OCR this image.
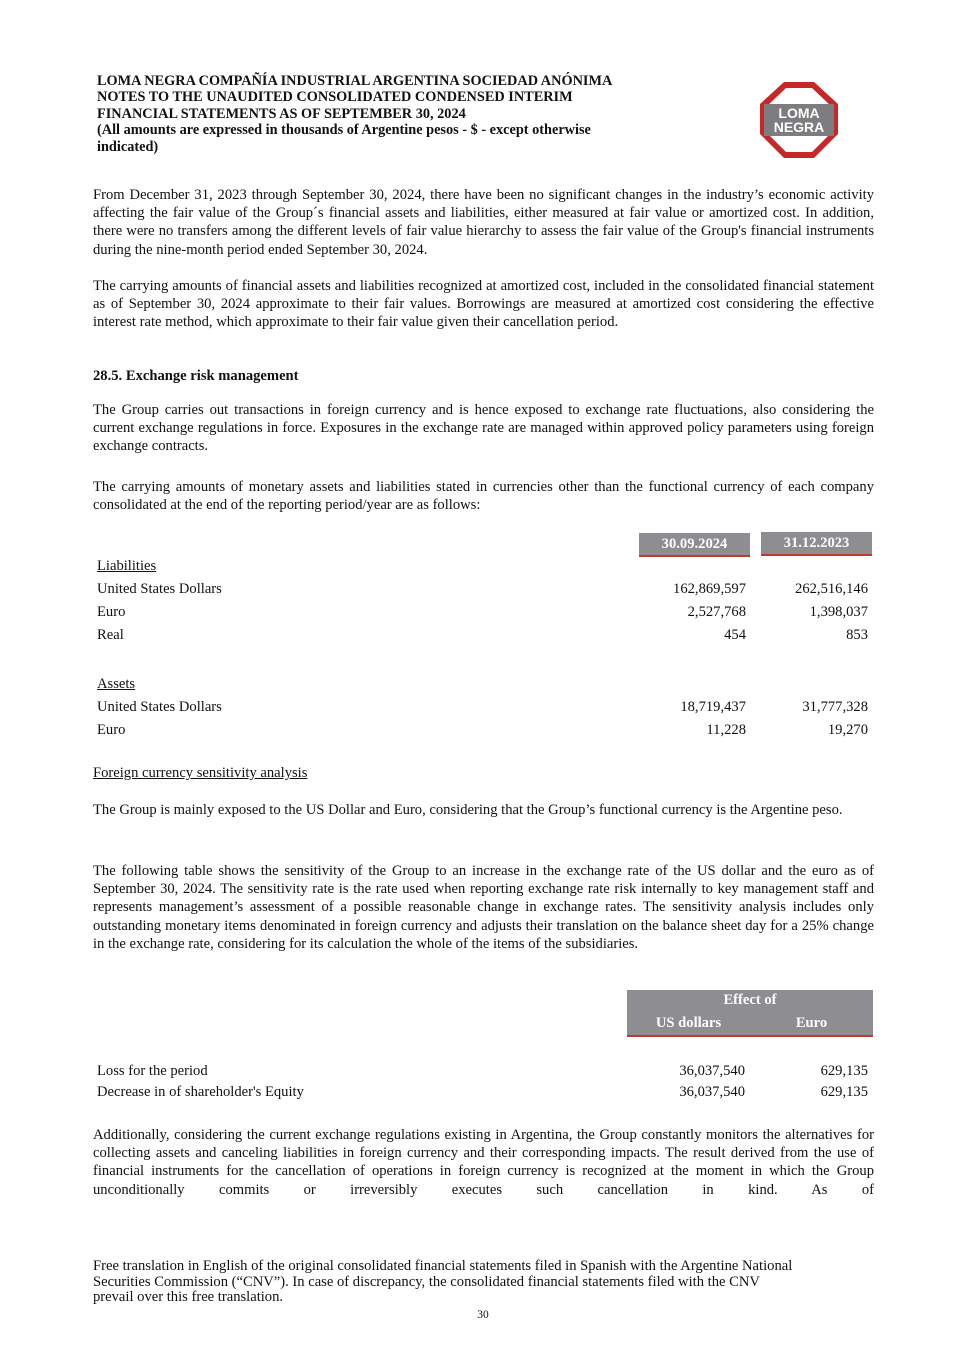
LOMA NEGRA COMPAÑÍA INDUSTRIAL ARGENTINA SOCIEDAD ANÓNIMA
NOTES TO THE UNAUDITED CONSOLIDATED CONDENSED INTERIM
FINANCIAL STATEMENTS AS OF SEPTEMBER 30, 2024
(All amounts are expressed in thousands of Argentine pesos - $ - except otherwise
indicated)
LOMA
NEGRA
From December 31, 2023 through September 30, 2024, there have been no significant changes in the industry’s economic activity affecting the fair value of the Group´s financial assets and liabilities, either measured at fair value or amortized cost. In addition, there were no transfers among the different levels of fair value hierarchy to assess the fair value of the Group's financial instruments during the nine-month period ended September 30, 2024.
The carrying amounts of financial assets and liabilities recognized at amortized cost, included in the consolidated financial statement as of September 30, 2024 approximate to their fair values. Borrowings are measured at amortized cost considering the effective interest rate method, which approximate to their fair value given their cancellation period.
28.5. Exchange risk management
The Group carries out transactions in foreign currency and is hence exposed to exchange rate fluctuations, also considering the current exchange regulations in force. Exposures in the exchange rate are managed within approved policy parameters using foreign exchange contracts.
The carrying amounts of monetary assets and liabilities stated in currencies other than the functional currency of each company consolidated at the end of the reporting period/year are as follows:
30.09.2024	31.12.2023
Liabilities
United States Dollars	162,869,597	262,516,146
Euro	2,527,768	1,398,037
Real	454	853
Assets
United States Dollars	18,719,437	31,777,328
Euro	11,228	19,270
Foreign currency sensitivity analysis
The Group is mainly exposed to the US Dollar and Euro, considering that the Group’s functional currency is the Argentine peso.
The following table shows the sensitivity of the Group to an increase in the exchange rate of the US dollar and the euro as of September 30, 2024. The sensitivity rate is the rate used when reporting exchange rate risk internally to key management staff and represents management’s assessment of a possible reasonable change in exchange rates. The sensitivity analysis includes only outstanding monetary items denominated in foreign currency and adjusts their translation on the balance sheet day for a 25% change in the exchange rate, considering for its calculation the whole of the items of the subsidiaries.
Effect of
US dollars	Euro
Loss for the period	36,037,540	629,135
Decrease in of shareholder's Equity	36,037,540	629,135
Additionally, considering the current exchange regulations existing in Argentina, the Group constantly monitors the alternatives for collecting assets and canceling liabilities in foreign currency and their corresponding impacts. The result derived from the use of financial instruments for the cancellation of operations in foreign currency is recognized at the moment in which the Group unconditionally commits or irreversibly executes such cancellation in kind. As of
Free translation in English of the original consolidated financial statements filed in Spanish with the Argentine National
Securities Commission (“CNV”). In case of discrepancy, the consolidated financial statements filed with the CNV
prevail over this free translation.
30
